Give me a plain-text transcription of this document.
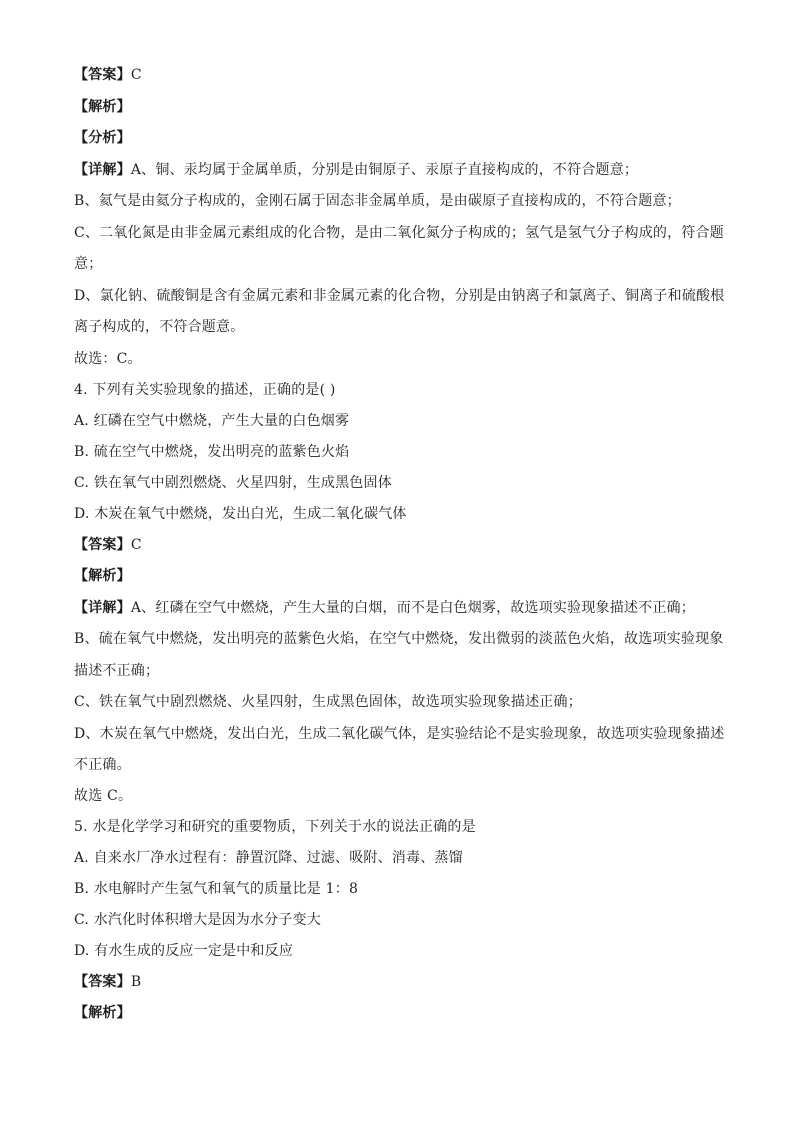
【答案】C
【解析】
【分析】
【详解】A、铜、汞均属于金属单质，分别是由铜原子、汞原子直接构成的，不符合题意；
B、氦气是由氦分子构成的，金刚石属于固态非金属单质，是由碳原子直接构成的，不符合题意；
C、二氧化氮是由非金属元素组成的化合物，是由二氧化氮分子构成的；氢气是氢气分子构成的，符合题
意；
D、氯化钠、硫酸铜是含有金属元素和非金属元素的化合物，分别是由钠离子和氯离子、铜离子和硫酸根
离子构成的，不符合题意。
故选：C。
4. 下列有关实验现象的描述，正确的是( )
A. 红磷在空气中燃烧，产生大量的白色烟雾
B. 硫在空气中燃烧，发出明亮的蓝紫色火焰
C. 铁在氧气中剧烈燃烧、火星四射，生成黑色固体
D. 木炭在氧气中燃烧，发出白光，生成二氧化碳气体
【答案】C
【解析】
【详解】A、红磷在空气中燃烧，产生大量的白烟，而不是白色烟雾，故选项实验现象描述不正确；
B、硫在氧气中燃烧，发出明亮的蓝紫色火焰，在空气中燃烧，发出微弱的淡蓝色火焰，故选项实验现象
描述不正确；
C、铁在氧气中剧烈燃烧、火星四射，生成黑色固体，故选项实验现象描述正确；
D、木炭在氧气中燃烧，发出白光，生成二氧化碳气体，是实验结论不是实验现象，故选项实验现象描述
不正确。
故选 C。
5. 水是化学学习和研究的重要物质，下列关于水的说法正确的是
A. 自来水厂净水过程有：静置沉降、过滤、吸附、消毒、蒸馏
B. 水电解时产生氢气和氧气的质量比是 1：8
C. 水汽化时体积增大是因为水分子变大
D. 有水生成的反应一定是中和反应
【答案】B
【解析】
